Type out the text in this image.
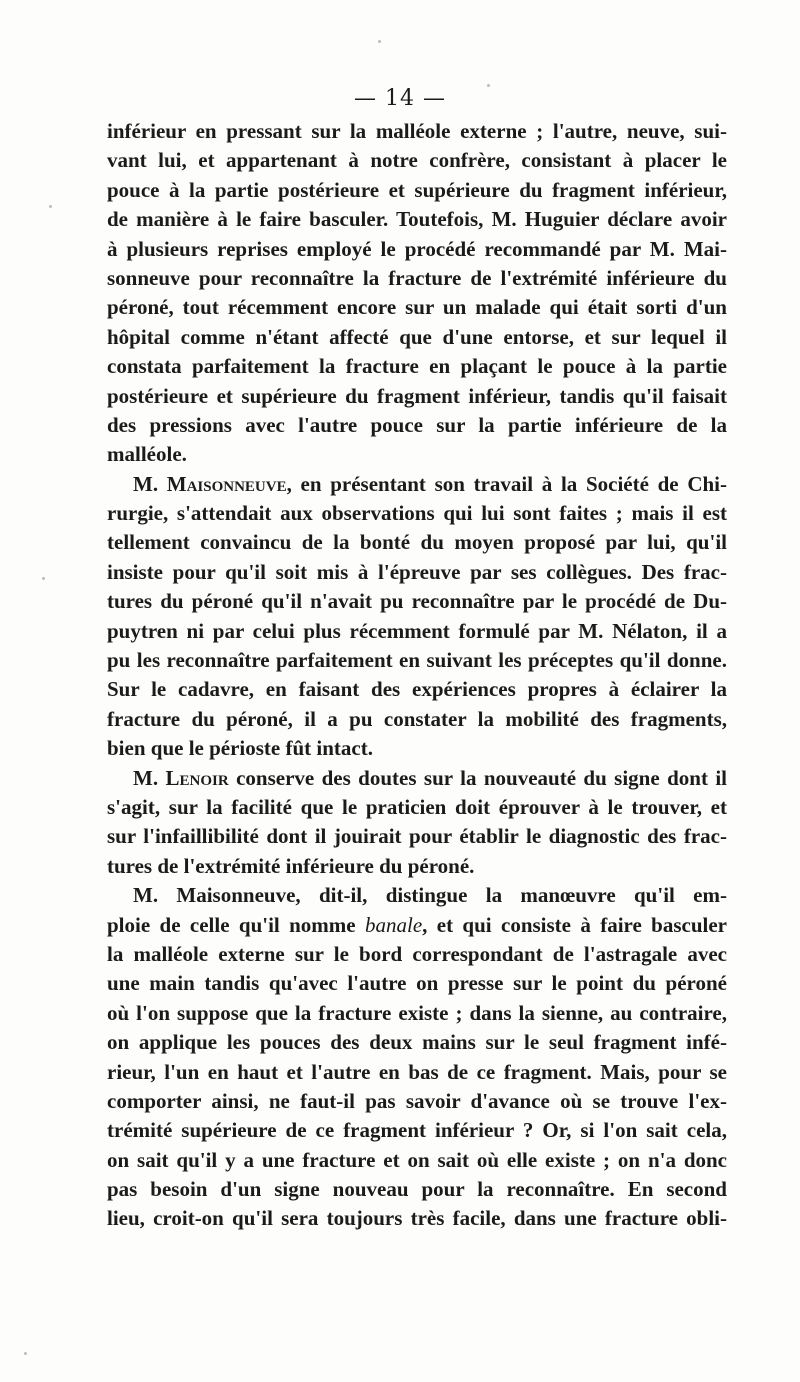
— 14 —
inférieur en pressant sur la malléole externe ; l'autre, neuve, sui-
vant lui, et appartenant à notre confrère, consistant à placer le
pouce à la partie postérieure et supérieure du fragment inférieur,
de manière à le faire basculer. Toutefois, M. Huguier déclare avoir
à plusieurs reprises employé le procédé recommandé par M. Mai-
sonneuve pour reconnaître la fracture de l'extrémité inférieure du
péroné, tout récemment encore sur un malade qui était sorti d'un
hôpital comme n'étant affecté que d'une entorse, et sur lequel il
constata parfaitement la fracture en plaçant le pouce à la partie
postérieure et supérieure du fragment inférieur, tandis qu'il faisait
des pressions avec l'autre pouce sur la partie inférieure de la
malléole.
M. Maisonneuve, en présentant son travail à la Société de Chi-
rurgie, s'attendait aux observations qui lui sont faites ; mais il est
tellement convaincu de la bonté du moyen proposé par lui, qu'il
insiste pour qu'il soit mis à l'épreuve par ses collègues. Des frac-
tures du péroné qu'il n'avait pu reconnaître par le procédé de Du-
puytren ni par celui plus récemment formulé par M. Nélaton, il a
pu les reconnaître parfaitement en suivant les préceptes qu'il donne.
Sur le cadavre, en faisant des expériences propres à éclairer la
fracture du péroné, il a pu constater la mobilité des fragments,
bien que le périoste fût intact.
M. Lenoir conserve des doutes sur la nouveauté du signe dont il
s'agit, sur la facilité que le praticien doit éprouver à le trouver, et
sur l'infaillibilité dont il jouirait pour établir le diagnostic des frac-
tures de l'extrémité inférieure du péroné.
M. Maisonneuve, dit-il, distingue la manœuvre qu'il em-
ploie de celle qu'il nomme banale, et qui consiste à faire basculer
la malléole externe sur le bord correspondant de l'astragale avec
une main tandis qu'avec l'autre on presse sur le point du péroné
où l'on suppose que la fracture existe ; dans la sienne, au contraire,
on applique les pouces des deux mains sur le seul fragment infé-
rieur, l'un en haut et l'autre en bas de ce fragment. Mais, pour se
comporter ainsi, ne faut-il pas savoir d'avance où se trouve l'ex-
trémité supérieure de ce fragment inférieur ? Or, si l'on sait cela,
on sait qu'il y a une fracture et on sait où elle existe ; on n'a donc
pas besoin d'un signe nouveau pour la reconnaître. En second
lieu, croit-on qu'il sera toujours très facile, dans une fracture obli-
